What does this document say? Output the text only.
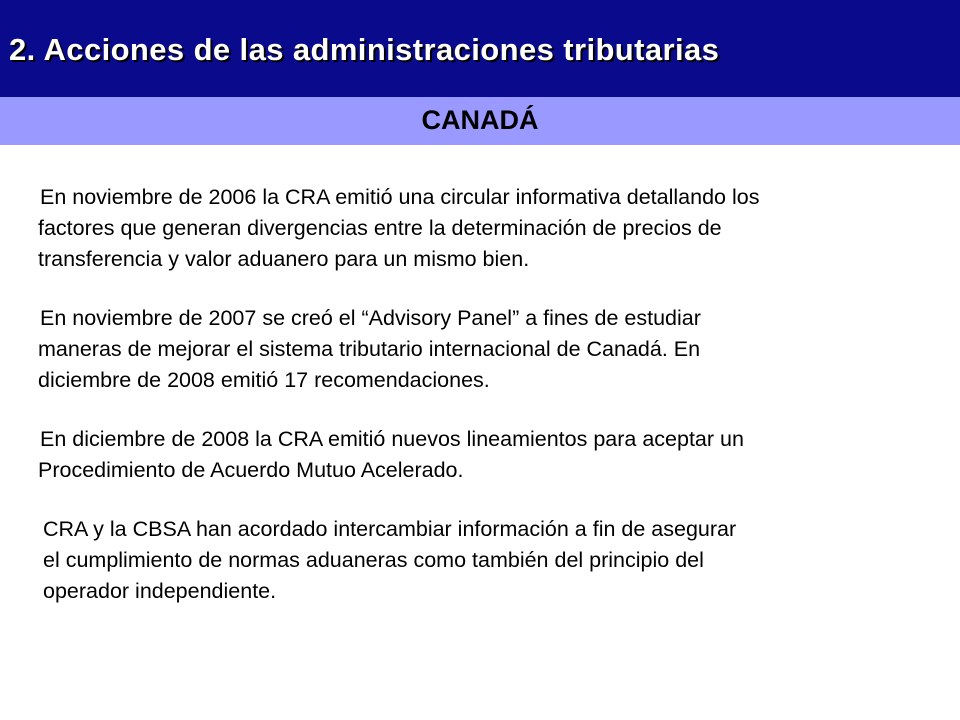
2. Acciones de las administraciones tributarias
CANADÁ
En noviembre de 2006 la CRA emitió una circular informativa detallando los
factores que generan divergencias entre la determinación de precios de
transferencia y valor aduanero para un mismo bien.
En noviembre de 2007 se creó el “Advisory Panel” a fines de estudiar
maneras de mejorar el sistema tributario internacional de Canadá. En
diciembre de 2008 emitió 17 recomendaciones.
En diciembre de 2008 la CRA emitió nuevos lineamientos para aceptar un
Procedimiento de Acuerdo Mutuo Acelerado.
CRA y la CBSA han acordado intercambiar información a fin de asegurar
el cumplimiento de normas aduaneras como también del principio del
operador independiente.
